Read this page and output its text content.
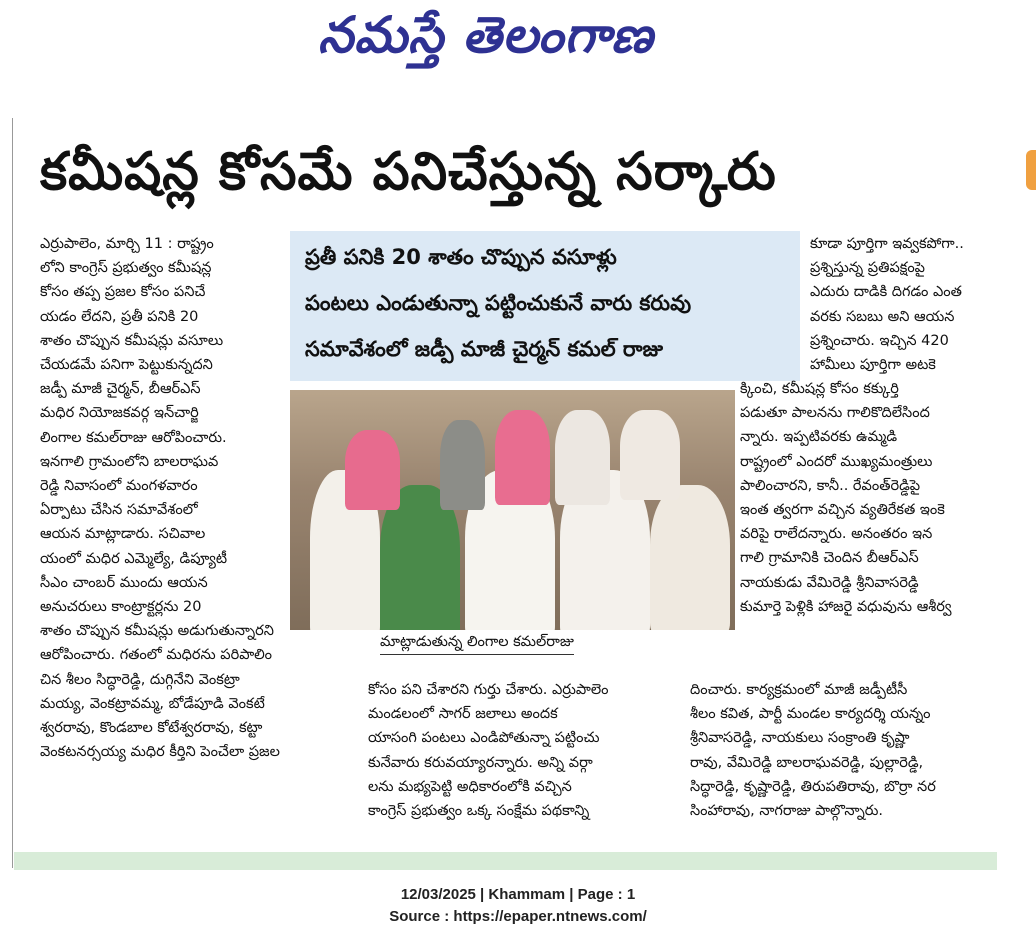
నమస్తే తెలంగాణ
కమీషన్ల కోసమే పనిచేస్తున్న సర్కారు
ఎర్రుపాలెం, మార్చి 11 : రాష్ట్రం
లోని కాంగ్రెస్ ప్రభుత్వం కమీషన్ల
కోసం తప్ప ప్రజల కోసం పనిచే
యడం లేదని, ప్రతీ పనికి 20
శాతం చొప్పున కమీషన్లు వసూలు
చేయడమే పనిగా పెట్టుకున్నదని
జడ్పీ మాజీ చైర్మన్, బీఆర్ఎస్
మధిర నియోజకవర్గ ఇన్‌చార్జి
లింగాల కమల్‌రాజు ఆరోపించారు.
ఇనగాలి గ్రామంలోని బాలరాఘవ
రెడ్డి నివాసంలో మంగళవారం
ఏర్పాటు చేసిన సమావేశంలో
ఆయన మాట్లాడారు. సచివాల
యంలో మధిర ఎమ్మెల్యే, డిప్యూటీ
సీఎం చాంబర్ ముందు ఆయన
అనుచరులు కాంట్రాక్టర్లను 20
శాతం చొప్పున కమీషన్లు అడుగుతున్నారని
ఆరోపించారు. గతంలో మధిరను పరిపాలిం
చిన శీలం సిద్ధారెడ్డి, దుగ్గినేని వెంకట్రా
మయ్య, వెంకట్రావమ్మ, బోడేపూడి వెంకటే
శ్వరరావు, కొండబాల కోటేశ్వరరావు, కట్టా
వెంకటనర్సయ్య మధిర కీర్తిని పెంచేలా ప్రజల
ప్రతీ పనికి 20 శాతం చొప్పున వసూళ్లు
పంటలు ఎండుతున్నా పట్టించుకునే వారు కరువు
సమావేశంలో జడ్పీ మాజీ చైర్మన్ కమల్ రాజు
కూడా పూర్తిగా ఇవ్వకపోగా..
ప్రశ్నిస్తున్న ప్రతిపక్షంపై
ఎదురు దాడికి దిగడం ఎంత
వరకు సబబు అని ఆయన
ప్రశ్నించారు. ఇచ్చిన 420
హామీలు పూర్తిగా అటకె
క్కించి, కమీషన్ల కోసం కక్కుర్తి
పడుతూ పాలనను గాలికొదిలేసింద
న్నారు. ఇప్పటివరకు ఉమ్మడి
రాష్ట్రంలో ఎందరో ముఖ్యమంత్రులు
పాలించారని, కానీ.. రేవంత్‌రెడ్డిపై
ఇంత త్వరగా వచ్చిన వ్యతిరేకత ఇంకె
వరిపై రాలేదన్నారు. అనంతరం ఇన
గాలి గ్రామానికి చెందిన బీఆర్ఎస్
నాయకుడు వేమిరెడ్డి శ్రీనివాసరెడ్డి
కుమార్తె పెళ్లికి హాజరై వధువును ఆశీర్వ
మాట్లాడుతున్న లింగాల కమల్‌రాజు
కోసం పని చేశారని గుర్తు చేశారు. ఎర్రుపాలెం
మండలంలో సాగర్ జలాలు అందక
యాసంగి పంటలు ఎండిపోతున్నా పట్టించు
కునేవారు కరువయ్యారన్నారు. అన్ని వర్గా
లను మభ్యపెట్టి అధికారంలోకి వచ్చిన
కాంగ్రెస్ ప్రభుత్వం ఒక్క సంక్షేమ పథకాన్ని
దించారు. కార్యక్రమంలో మాజీ జడ్పీటీసీ
శీలం కవిత, పార్టీ మండల కార్యదర్శి యన్నం
శ్రీనివాసరెడ్డి, నాయకులు సంక్రాంతి కృష్ణా
రావు, వేమిరెడ్డి బాలరాఘవరెడ్డి, పుల్లారెడ్డి,
సిద్ధారెడ్డి, కృష్ణారెడ్డి, తిరుపతిరావు, బొర్రా నర
సింహారావు, నాగరాజు పాల్గొన్నారు.
12/03/2025 | Khammam | Page : 1
Source : https://epaper.ntnews.com/
